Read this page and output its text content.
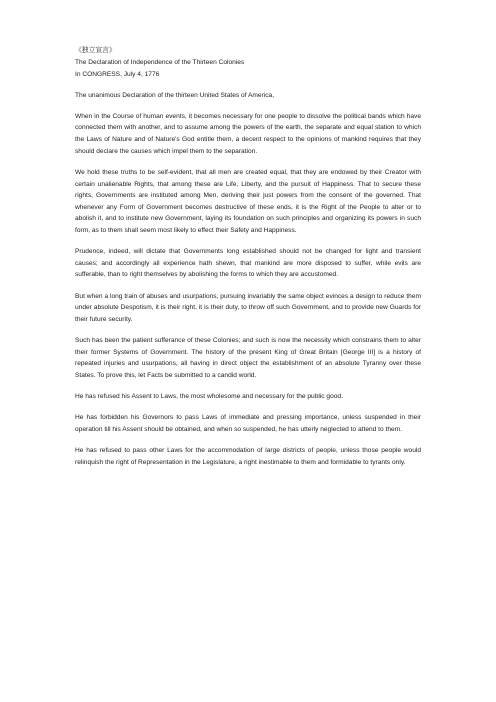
《独立宣言》

The Declaration of Independence of the Thirteen Colonies

In CONGRESS, July 4, 1776

The unanimous Declaration of the thirteen United States of America,

When in the Course of human events, it becomes necessary for one people to dissolve the political bands which have connected them with another, and to assume among the powers of the earth, the separate and equal station to which the Laws of Nature and of Nature's God entitle them, a decent respect to the opinions of mankind requires that they should declare the causes which impel them to the separation.

We hold these truths to be self-evident, that all men are created equal, that they are endowed by their Creator with certain unalienable Rights, that among these are Life, Liberty, and the pursuit of Happiness. That to secure these rights, Governments are instituted among Men, deriving their just powers from the consent of the governed. That whenever any Form of Government becomes destructive of these ends, it is the Right of the People to alter or to abolish it, and to institute new Government, laying its foundation on such principles and organizing its powers in such form, as to them shall seem most likely to effect their Safety and Happiness.

Prudence, indeed, will dictate that Governments long established should not be changed for light and transient causes; and accordingly all experience hath shewn, that mankind are more disposed to suffer, while evils are sufferable, than to right themselves by abolishing the forms to which they are accustomed.

But when a long train of abuses and usurpations, pursuing invariably the same object evinces a design to reduce them under absolute Despotism, it is their right, it is their duty, to throw off such Government, and to provide new Guards for their future security.

Such has been the patient sufferance of these Colonies; and such is now the necessity which constrains them to alter their former Systems of Government. The history of the present King of Great Britain [George III] is a history of repeated injuries and usurpations, all having in direct object the establishment of an absolute Tyranny over these States. To prove this, let Facts be submitted to a candid world.

He has refused his Assent to Laws, the most wholesome and necessary for the public good.

He has forbidden his Governors to pass Laws of immediate and pressing importance, unless suspended in their operation till his Assent should be obtained, and when so suspended, he has utterly neglected to attend to them.

He has refused to pass other Laws for the accommodation of large districts of people, unless those people would relinquish the right of Representation in the Legislature, a right inestimable to them and formidable to tyrants only.
